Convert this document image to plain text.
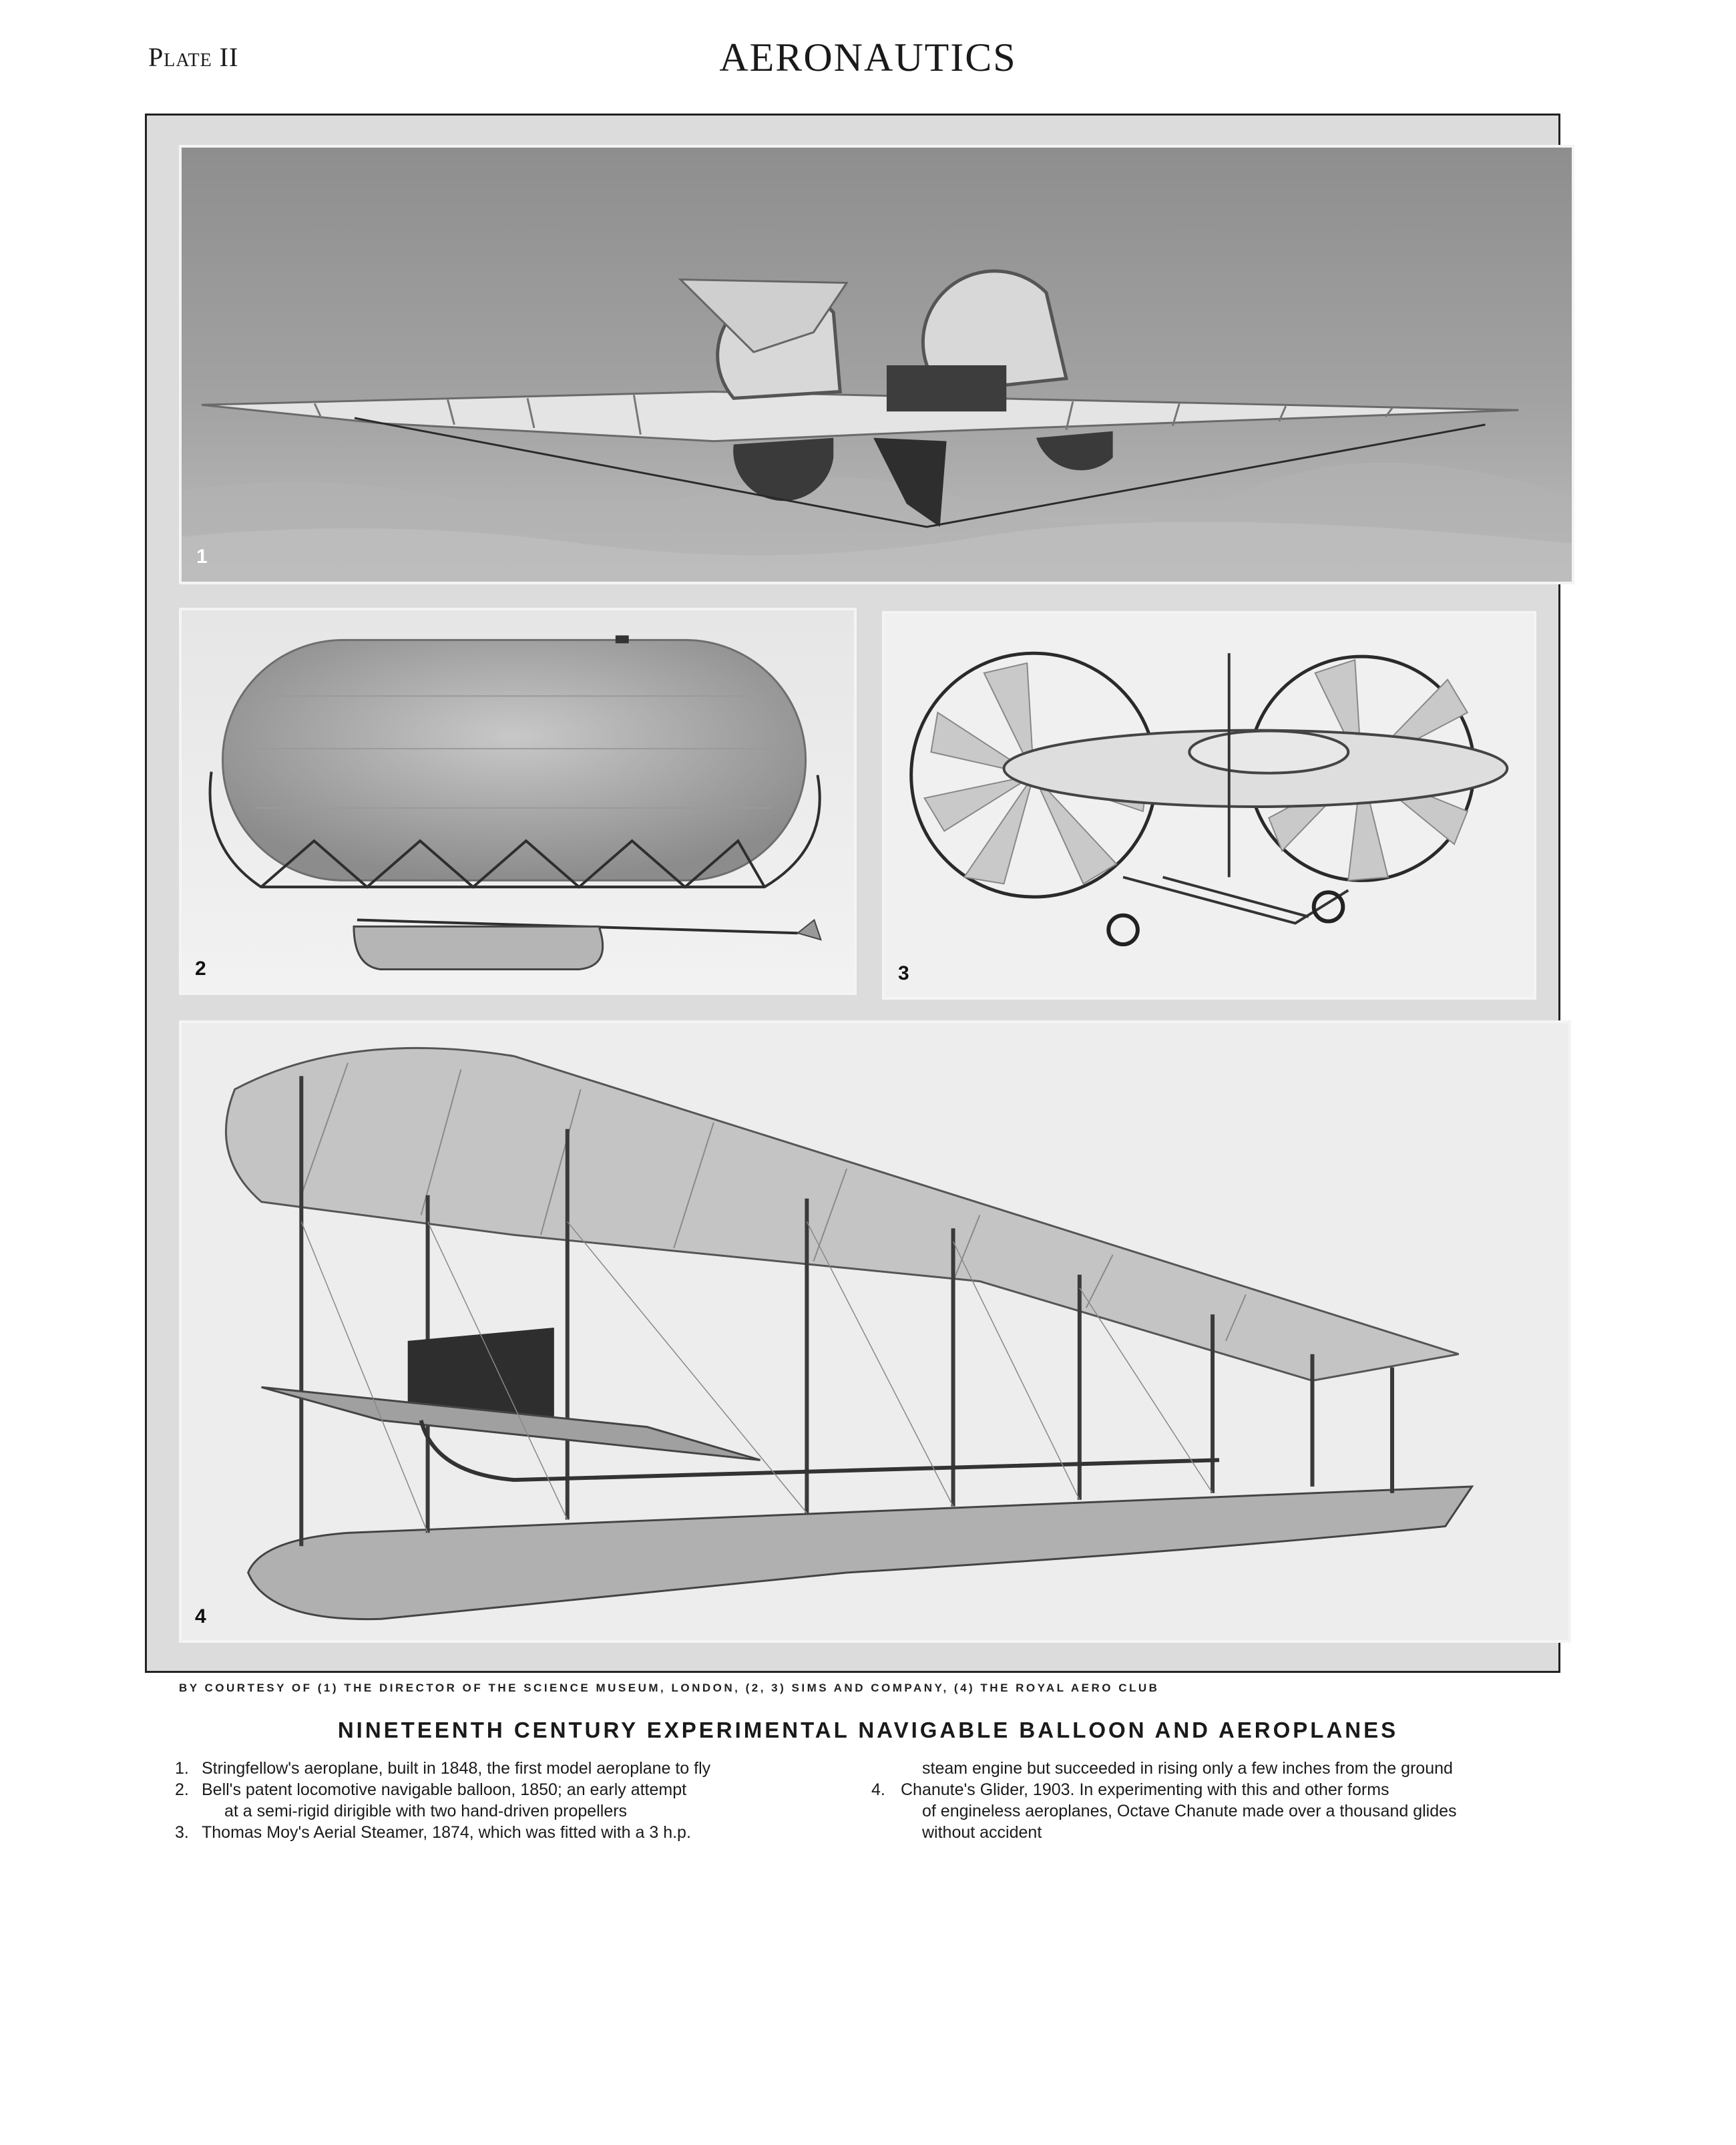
Plate II	AERONAUTICS
1
2	3
4
BY COURTESY OF (1) THE DIRECTOR OF THE SCIENCE MUSEUM, LONDON, (2, 3) SIMS AND COMPANY, (4) THE ROYAL AERO CLUB
NINETEENTH CENTURY EXPERIMENTAL NAVIGABLE BALLOON AND AEROPLANES

1. Stringfellow's aeroplane, built in 1848, the first model aeroplane to fly

2. Bell's patent locomotive navigable balloon, 1850; an early attempt

at a semi-rigid dirigible with two hand-driven propellers

3. Thomas Moy's Aerial Steamer, 1874, which was fitted with a 3 h.p.

steam engine but succeeded in rising only a few inches from the ground

4. Chanute's Glider, 1903. In experimenting with this and other forms

of engineless aeroplanes, Octave Chanute made over a thousand glides

without accident
